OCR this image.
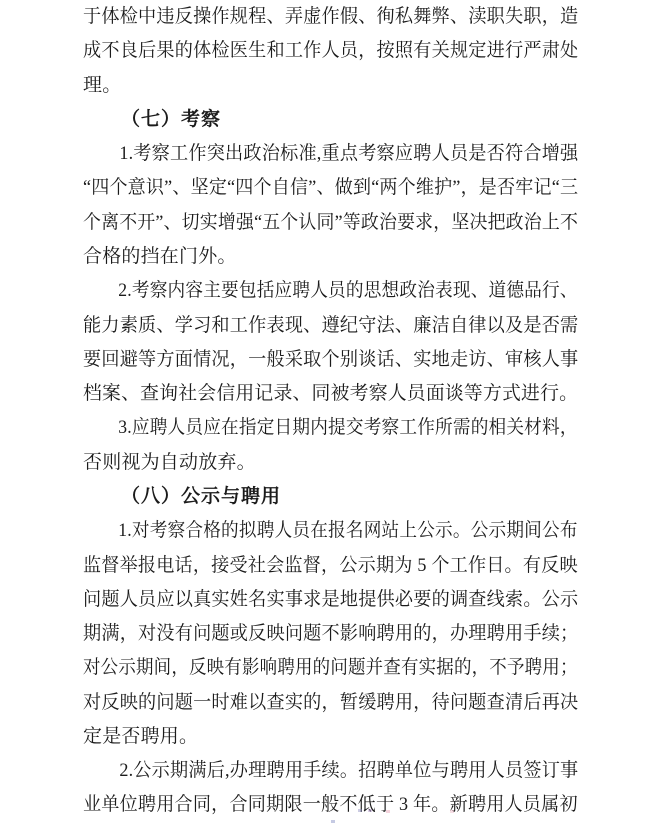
于体检中违反操作规程、弄虚作假、徇私舞弊、渎职失职，造
成不良后果的体检医生和工作人员，按照有关规定进行严肃处
理。
（七）考察
1.考察工作突出政治标准,重点考察应聘人员是否符合增强
“四个意识”、坚定“四个自信”、做到“两个维护”，是否牢记“三
个离不开”、切实增强“五个认同”等政治要求，坚决把政治上不
合格的挡在门外。
2.考察内容主要包括应聘人员的思想政治表现、道德品行、
能力素质、学习和工作表现、遵纪守法、廉洁自律以及是否需
要回避等方面情况，一般采取个别谈话、实地走访、审核人事
档案、查询社会信用记录、同被考察人员面谈等方式进行。
3.应聘人员应在指定日期内提交考察工作所需的相关材料，
否则视为自动放弃。
（八）公示与聘用
1.对考察合格的拟聘人员在报名网站上公示。公示期间公布
监督举报电话，接受社会监督，公示期为 5 个工作日。有反映
问题人员应以真实姓名实事求是地提供必要的调查线索。公示
期满，对没有问题或反映问题不影响聘用的，办理聘用手续；
对公示期间，反映有影响聘用的问题并查有实据的，不予聘用；
对反映的问题一时难以查实的，暂缓聘用，待问题查清后再决
定是否聘用。
2.公示期满后,办理聘用手续。招聘单位与聘用人员签订事
业单位聘用合同，合同期限一般不低于 3 年。新聘用人员属初
